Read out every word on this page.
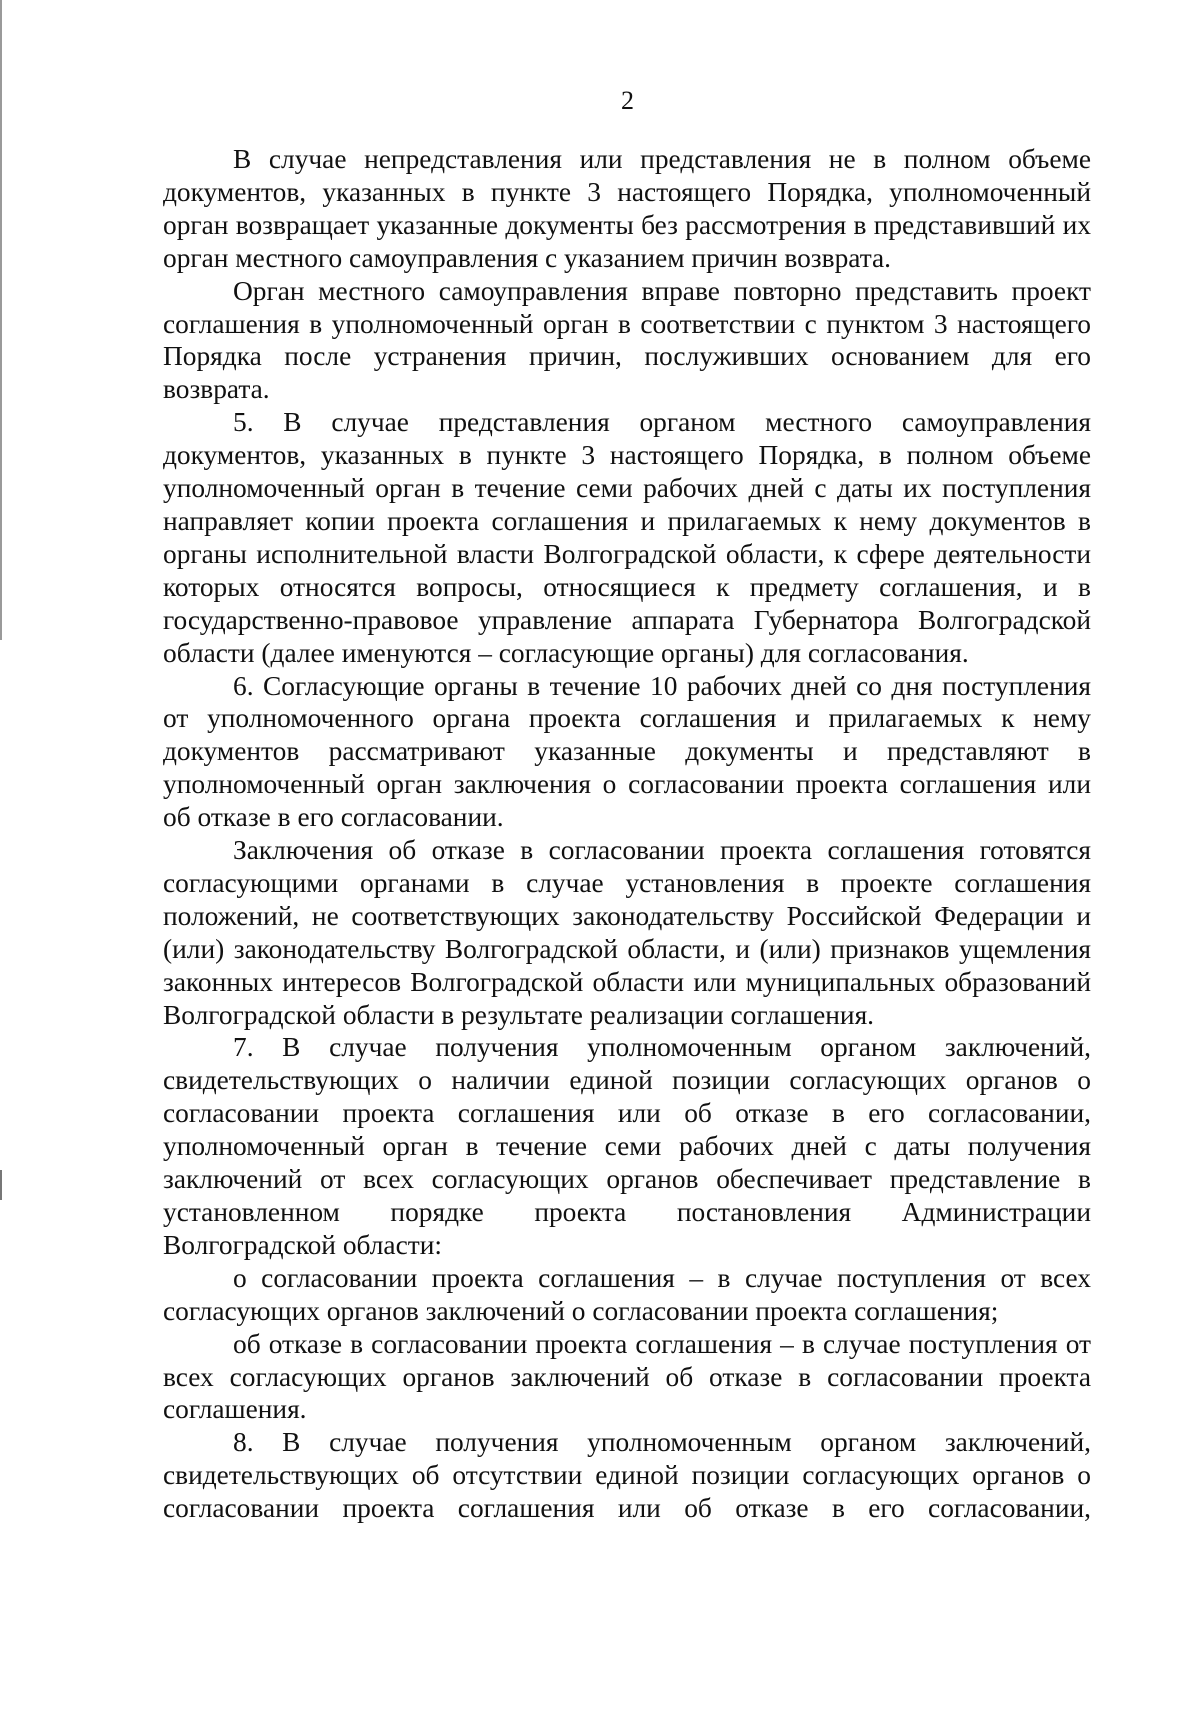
2

В случае непредставления или представления не в полном объеме документов, указанных в пункте 3 настоящего Порядка, уполномоченный орган возвращает указанные документы без рассмотрения в представивший их орган местного самоуправления с указанием причин возврата.

Орган местного самоуправления вправе повторно представить проект соглашения в уполномоченный орган в соответствии с пунктом 3 настоящего Порядка после устранения причин, послуживших основанием для его возврата.

5. В случае представления органом местного самоуправления документов, указанных в пункте 3 настоящего Порядка, в полном объеме уполномоченный орган в течение семи рабочих дней с даты их поступления направляет копии проекта соглашения и прилагаемых к нему документов в органы исполнительной власти Волгоградской области, к сфере деятельности которых относятся вопросы, относящиеся к предмету соглашения, и в государственно-правовое управление аппарата Губернатора Волгоградской области (далее именуются – согласующие органы) для согласования.

6. Согласующие органы в течение 10 рабочих дней со дня поступления от уполномоченного органа проекта соглашения и прилагаемых к нему документов рассматривают указанные документы и представляют в уполномоченный орган заключения о согласовании проекта соглашения или об отказе в его согласовании.

Заключения об отказе в согласовании проекта соглашения готовятся согласующими органами в случае установления в проекте соглашения положений, не соответствующих законодательству Российской Федерации и (или) законодательству Волгоградской области, и (или) признаков ущемления законных интересов Волгоградской области или муниципальных образований Волгоградской области в результате реализации соглашения.

7. В случае получения уполномоченным органом заключений, свидетельствующих о наличии единой позиции согласующих органов о согласовании проекта соглашения или об отказе в его согласовании, уполномоченный орган в течение семи рабочих дней с даты получения заключений от всех согласующих органов обеспечивает представление в установленном порядке проекта постановления Администрации Волгоградской области:

о согласовании проекта соглашения – в случае поступления от всех согласующих органов заключений о согласовании проекта соглашения;

об отказе в согласовании проекта соглашения – в случае поступления от всех согласующих органов заключений об отказе в согласовании проекта соглашения.

8. В случае получения уполномоченным органом заключений, свидетельствующих об отсутствии единой позиции согласующих органов о согласовании проекта соглашения или об отказе в его согласовании,
